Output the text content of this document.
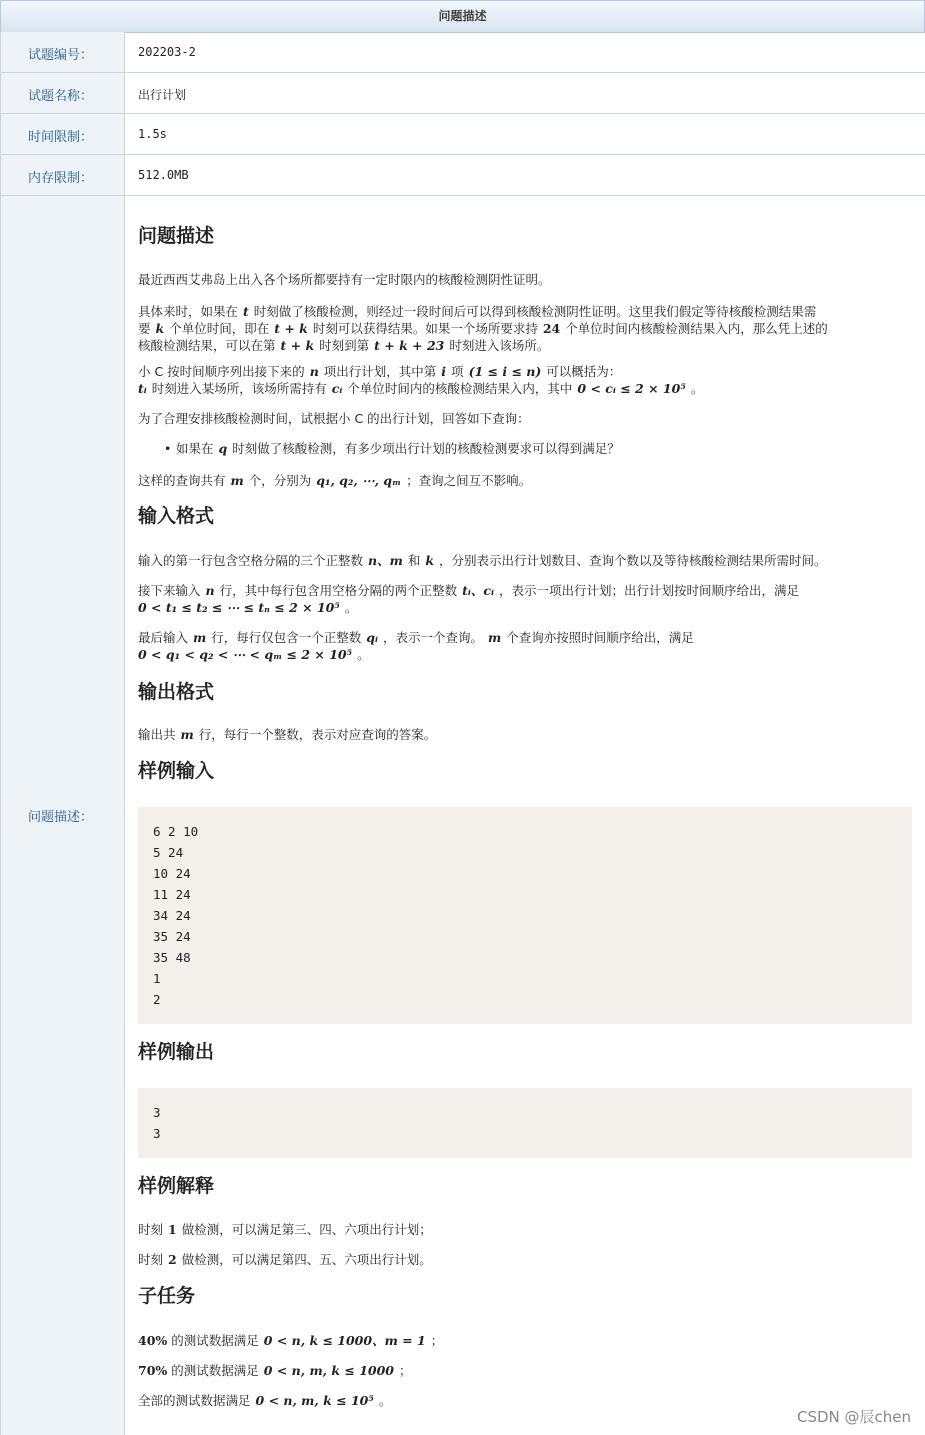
问题描述
试题编号：	202203-2
试题名称：	出行计划
时间限制：	1.5s
内存限制：	512.0MB
问题描述：
问题描述
最近西西艾弗岛上出入各个场所都要持有一定时限内的核酸检测阴性证明。
具体来时，如果在 t 时刻做了核酸检测，则经过一段时间后可以得到核酸检测阴性证明。这里我们假定等待核酸检测结果需
要 k 个单位时间，即在 t + k 时刻可以获得结果。如果一个场所要求持 24 个单位时间内核酸检测结果入内，那么凭上述的
核酸检测结果，可以在第 t + k 时刻到第 t + k + 23 时刻进入该场所。
小 C 按时间顺序列出接下来的 n 项出行计划，其中第 i 项 (1 ≤ i ≤ n) 可以概括为：
tᵢ 时刻进入某场所，该场所需持有 cᵢ 个单位时间内的核酸检测结果入内，其中 0 < cᵢ ≤ 2 × 10⁵ 。
为了合理安排核酸检测时间，试根据小 C 的出行计划，回答如下查询：
• 如果在 q 时刻做了核酸检测，有多少项出行计划的核酸检测要求可以得到满足？
这样的查询共有 m 个，分别为 q₁, q₂, ⋯, qₘ ；查询之间互不影响。
输入格式
输入的第一行包含空格分隔的三个正整数 n、m 和 k ，分别表示出行计划数目、查询个数以及等待核酸检测结果所需时间。
接下来输入 n 行，其中每行包含用空格分隔的两个正整数 tᵢ、cᵢ ，表示一项出行计划；出行计划按时间顺序给出，满足
0 < t₁ ≤ t₂ ≤ ⋯ ≤ tₙ ≤ 2 × 10⁵ 。
最后输入 m 行，每行仅包含一个正整数 qᵢ ，表示一个查询。 m 个查询亦按照时间顺序给出，满足
0 < q₁ < q₂ < ⋯ < qₘ ≤ 2 × 10⁵ 。
输出格式
输出共 m 行，每行一个整数，表示对应查询的答案。
样例输入
6 2 10
5 24
10 24
11 24
34 24
35 24
35 48
1
2
样例输出
3
3
样例解释
时刻 1 做检测，可以满足第三、四、六项出行计划；
时刻 2 做检测，可以满足第四、五、六项出行计划。
子任务
40% 的测试数据满足 0 < n, k ≤ 1000、m = 1 ；
70% 的测试数据满足 0 < n, m, k ≤ 1000 ；
全部的测试数据满足 0 < n, m, k ≤ 10⁵ 。
CSDN @辰chen
